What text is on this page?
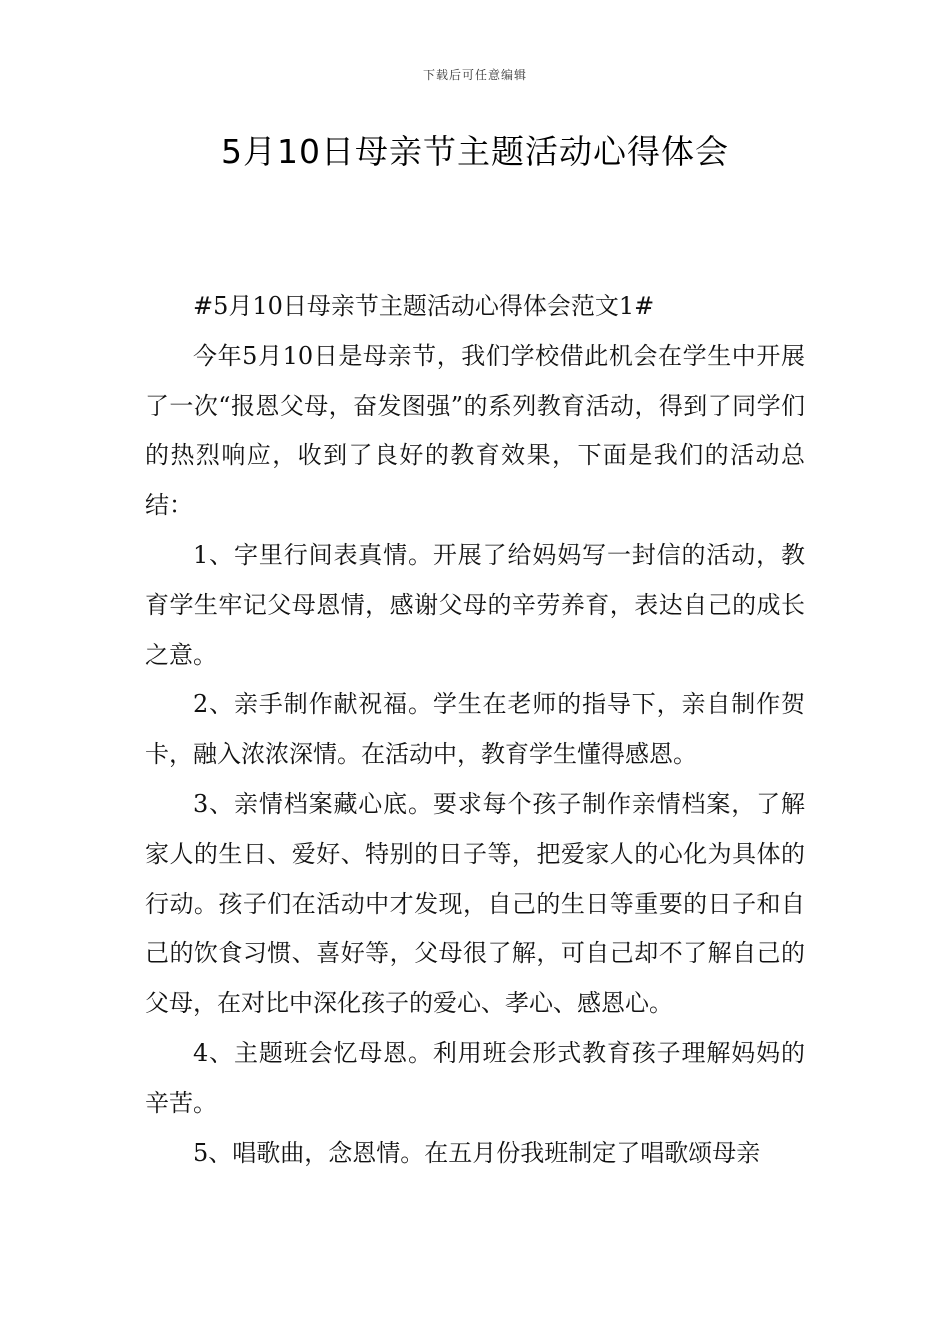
下载后可任意编辑
5月10日母亲节主题活动心得体会

#5月10日母亲节主题活动心得体会范文1#

今年5月10日是母亲节，我们学校借此机会在学生中开展了一次“报恩父母，奋发图强”的系列教育活动，得到了同学们的热烈响应，收到了良好的教育效果，下面是我们的活动总结：

1、字里行间表真情。开展了给妈妈写一封信的活动，教育学生牢记父母恩情，感谢父母的辛劳养育，表达自己的成长之意。

2、亲手制作献祝福。学生在老师的指导下，亲自制作贺卡，融入浓浓深情。在活动中，教育学生懂得感恩。

3、亲情档案藏心底。要求每个孩子制作亲情档案，了解家人的生日、爱好、特别的日子等，把爱家人的心化为具体的行动。孩子们在活动中才发现，自己的生日等重要的日子和自己的饮食习惯、喜好等，父母很了解，可自己却不了解自己的父母，在对比中深化孩子的爱心、孝心、感恩心。

4、主题班会忆母恩。利用班会形式教育孩子理解妈妈的辛苦。

5、唱歌曲，念恩情。在五月份我班制定了唱歌颂母亲
